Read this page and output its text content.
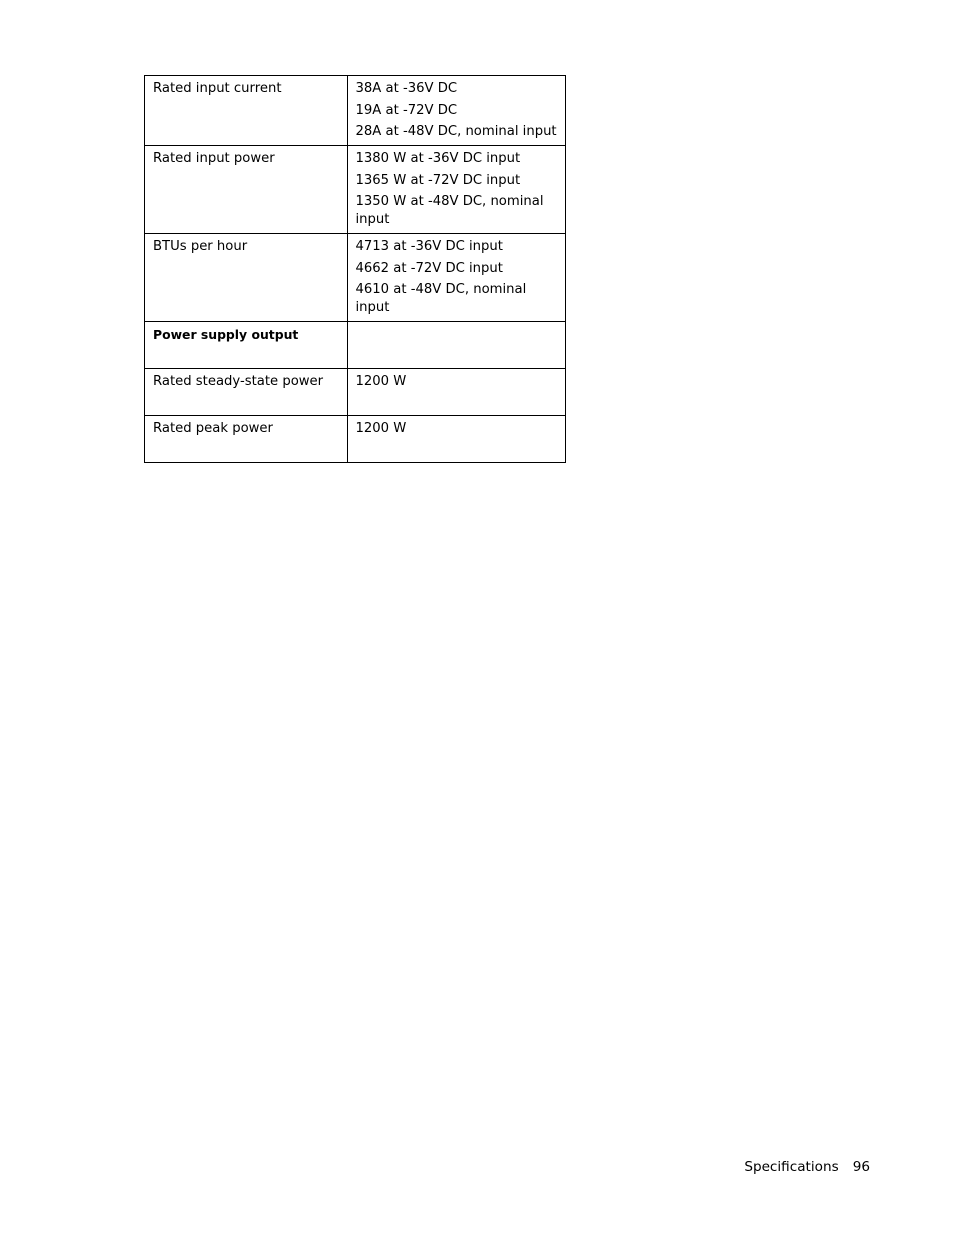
Rated input current	38A at -36V DC
19A at -72V DC
28A at -48V DC, nominal input

Rated input power	1380 W at -36V DC input
1365 W at -72V DC input
1350 W at -48V DC, nominal input

BTUs per hour	4713 at -36V DC input
4662 at -72V DC input
4610 at -48V DC, nominal input

Power supply output	
Rated steady-state power	1200 W
Rated peak power	1200 W
Specifications 96
